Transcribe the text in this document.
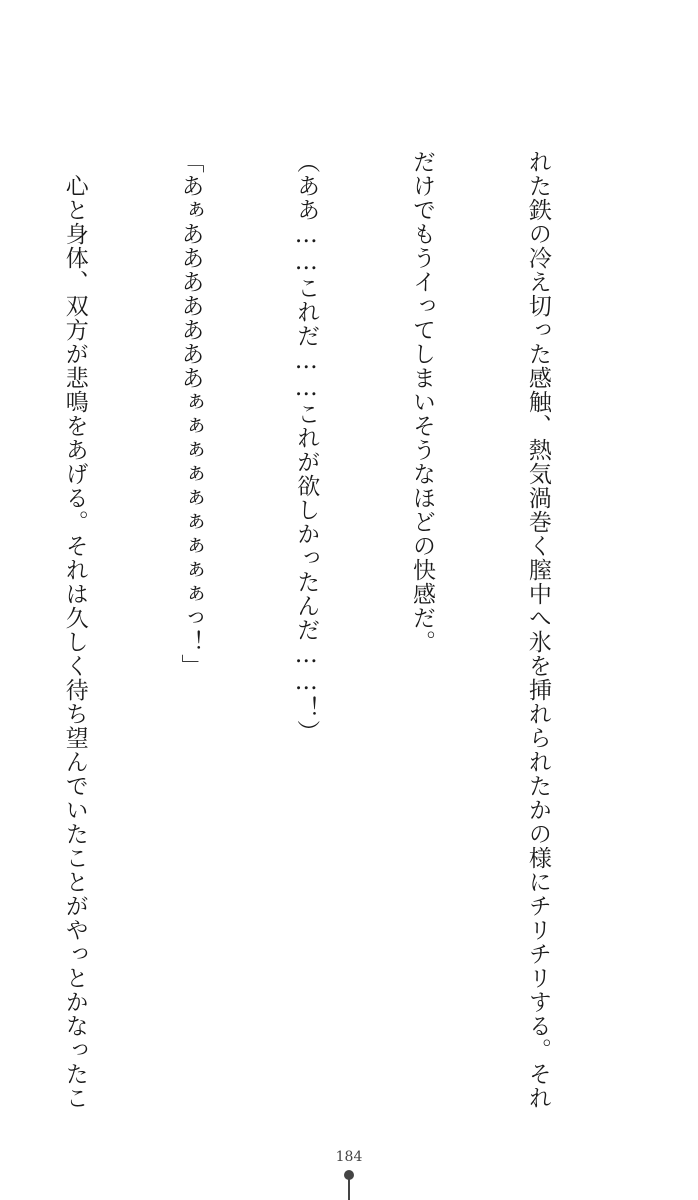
れた鉄の冷え切った感触、熱気渦巻く膣中へ氷を挿れられたかの様にチリチリする。それ

だけでもうイってしまいそうなほどの快感だ。

（ああ……これだ……これが欲しかったんだ……！）

「あぁあああああああぁぁぁぁぁぁぁぁぁっ！」

　心と身体、双方が悲鳴をあげる。それは久しく待ち望んでいたことがやっとかなったこ

184
